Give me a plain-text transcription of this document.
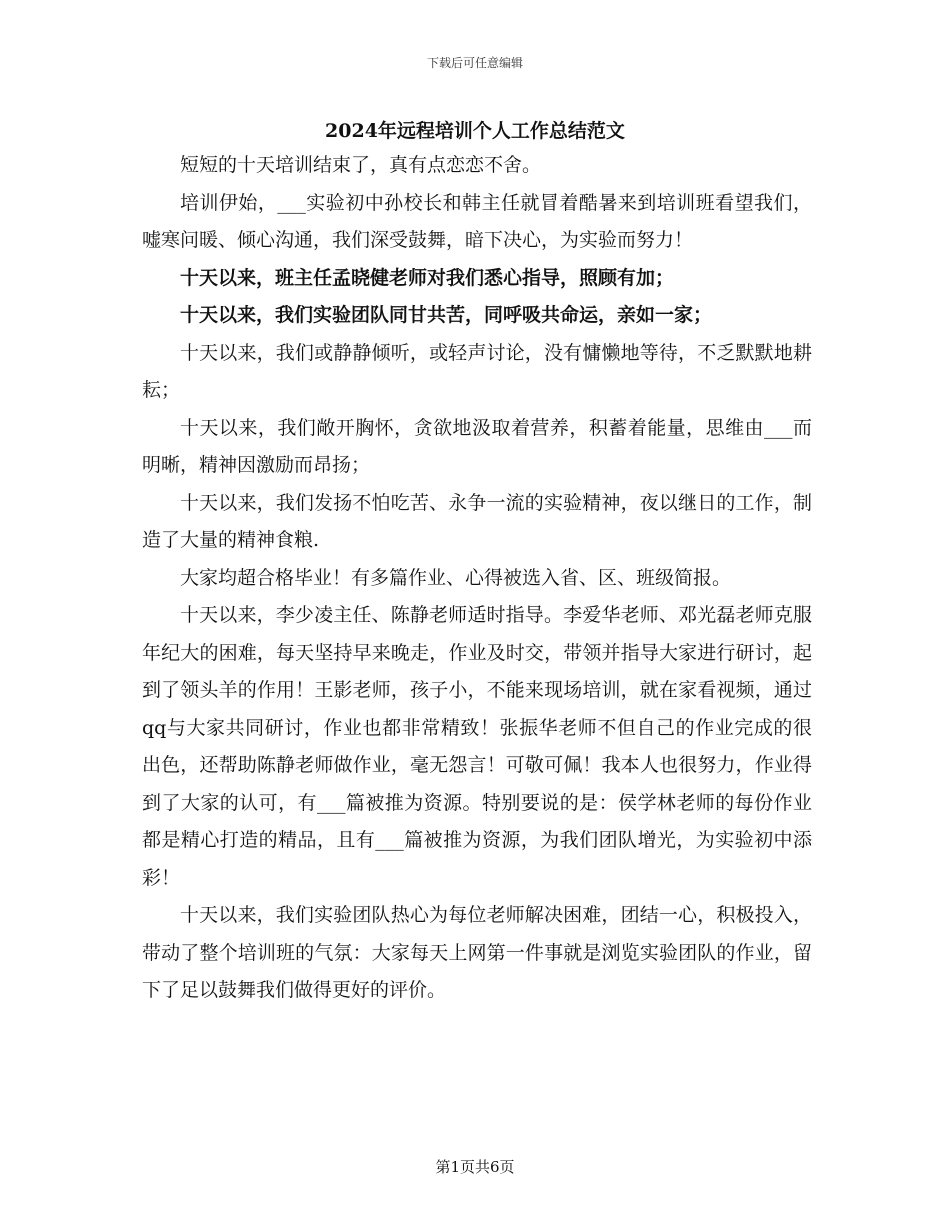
下载后可任意编辑
2024年远程培训个人工作总结范文

短短的十天培训结束了，真有点恋恋不舍。

培训伊始，___实验初中孙校长和韩主任就冒着酷暑来到培训班看望我们，嘘寒问暖、倾心沟通，我们深受鼓舞，暗下决心，为实验而努力！

十天以来，班主任孟晓健老师对我们悉心指导，照顾有加；

十天以来，我们实验团队同甘共苦，同呼吸共命运，亲如一家；

十天以来，我们或静静倾听，或轻声讨论，没有慵懒地等待，不乏默默地耕耘；

十天以来，我们敞开胸怀，贪欲地汲取着营养，积蓄着能量，思维由___而明晰，精神因激励而昂扬；

十天以来，我们发扬不怕吃苦、永争一流的实验精神，夜以继日的工作，制造了大量的精神食粮.

大家均超合格毕业！有多篇作业、心得被选入省、区、班级简报。

十天以来，李少凌主任、陈静老师适时指导。李爱华老师、邓光磊老师克服年纪大的困难，每天坚持早来晚走，作业及时交，带领并指导大家进行研讨，起到了领头羊的作用！王影老师，孩子小，不能来现场培训，就在家看视频，通过qq与大家共同研讨，作业也都非常精致！张振华老师不但自己的作业完成的很出色，还帮助陈静老师做作业，毫无怨言！可敬可佩！我本人也很努力，作业得到了大家的认可，有___篇被推为资源。特别要说的是：侯学林老师的每份作业都是精心打造的精品，且有___篇被推为资源，为我们团队增光，为实验初中添彩！

十天以来，我们实验团队热心为每位老师解决困难，团结一心，积极投入，带动了整个培训班的气氛：大家每天上网第一件事就是浏览实验团队的作业，留下了足以鼓舞我们做得更好的评价。

第1页共6页
